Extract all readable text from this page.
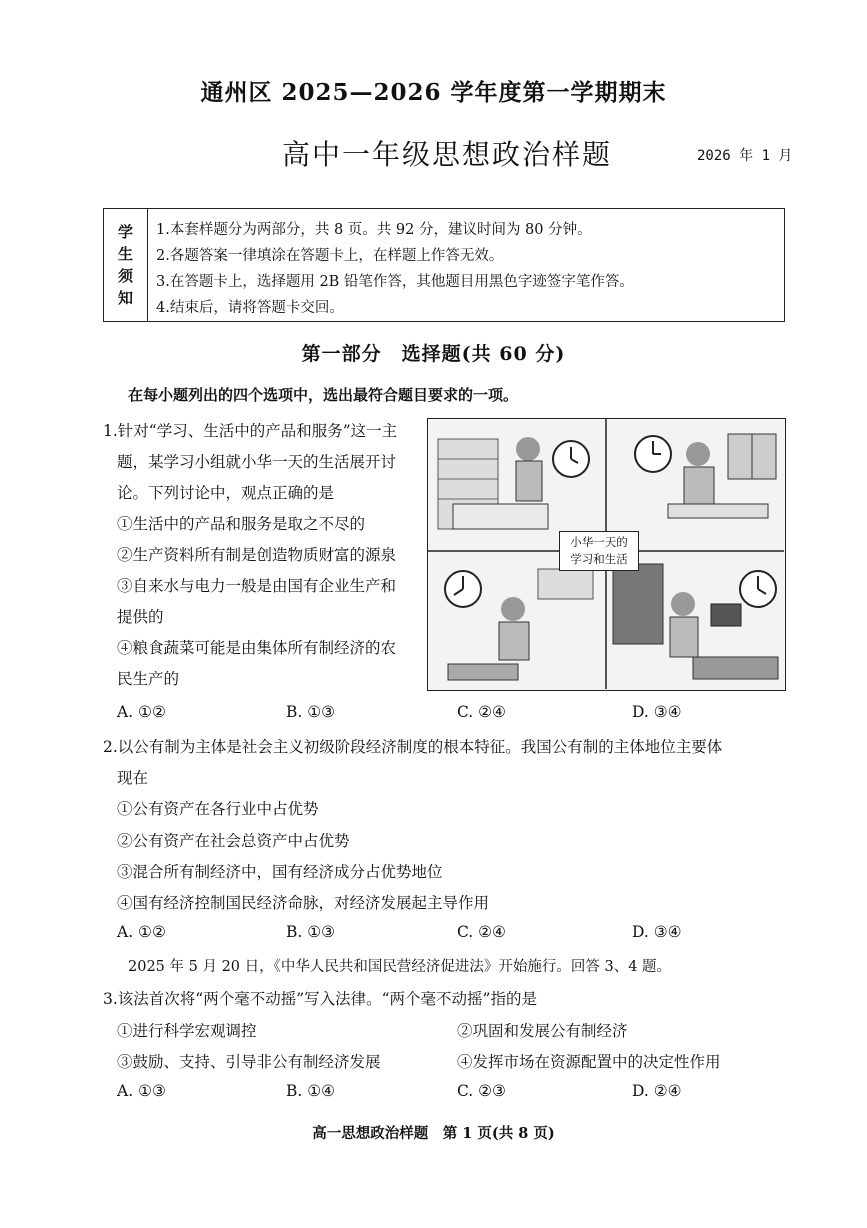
通州区 2025—2026 学年度第一学期期末
高中一年级思想政治样题	2026 年 1 月
学
生
须
知
1.本套样题分为两部分，共 8 页。共 92 分，建议时间为 80 分钟。
2.各题答案一律填涂在答题卡上，在样题上作答无效。
3.在答题卡上，选择题用 2B 铅笔作答，其他题目用黑色字迹签字笔作答。
4.结束后，请将答题卡交回。
第一部分　选择题(共 60 分)
在每小题列出的四个选项中，选出最符合题目要求的一项。
1.针对“学习、生活中的产品和服务”这一主
题，某学习小组就小华一天的生活展开讨
论。下列讨论中，观点正确的是
①生活中的产品和服务是取之不尽的
②生产资料所有制是创造物质财富的源泉
③自来水与电力一般是由国有企业生产和
提供的
④粮食蔬菜可能是由集体所有制经济的农
民生产的
小华一天的
学习和生活
A. ①②	B. ①③	C. ②④	D. ③④
2.以公有制为主体是社会主义初级阶段经济制度的根本特征。我国公有制的主体地位主要体
现在
①公有资产在各行业中占优势
②公有资产在社会总资产中占优势
③混合所有制经济中，国有经济成分占优势地位
④国有经济控制国民经济命脉，对经济发展起主导作用
A. ①②	B. ①③	C. ②④	D. ③④
2025 年 5 月 20 日，《中华人民共和国民营经济促进法》开始施行。回答 3、4 题。
3.该法首次将“两个毫不动摇”写入法律。“两个毫不动摇”指的是
①进行科学宏观调控	②巩固和发展公有制经济
③鼓励、支持、引导非公有制经济发展	④发挥市场在资源配置中的决定性作用
A. ①③	B. ①④	C. ②③	D. ②④
高一思想政治样题　第 1 页(共 8 页)
